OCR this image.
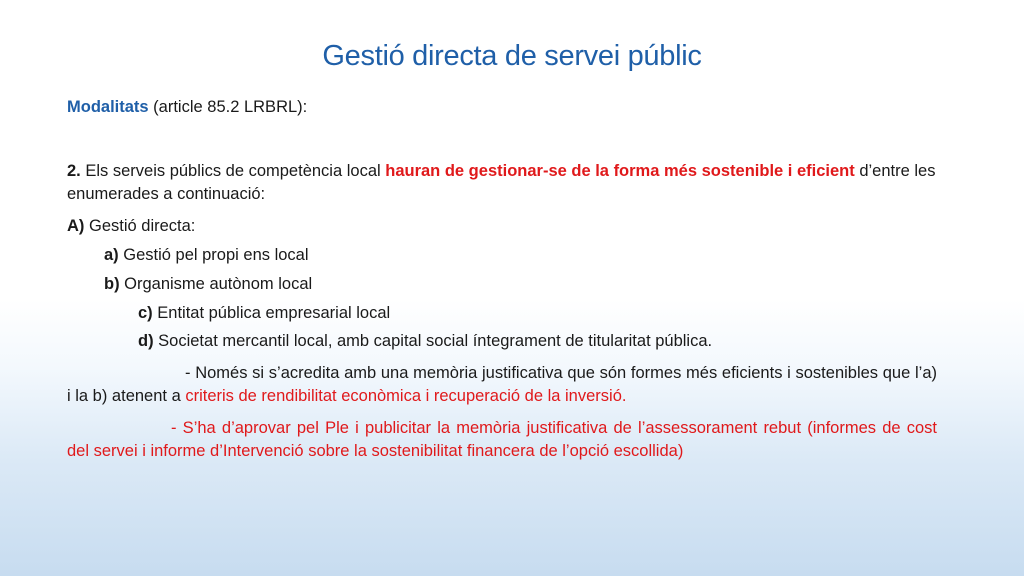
Gestió directa de servei públic

Modalitats (article 85.2 LRBRL):

2. Els serveis públics de competència local hauran de gestionar-se de la forma més sostenible i eficient d’entre les enumerades a continuació:

A) Gestió directa:

a) Gestió pel propi ens local

b) Organisme autònom local

c) Entitat pública empresarial local

d) Societat mercantil local, amb capital social íntegrament de titularitat pública.

- Només si s’acredita amb una memòria justificativa que són formes més eficients i sostenibles que l’a) i la b) atenent a criteris de rendibilitat econòmica i recuperació de la inversió.

- S’ha d’aprovar pel Ple i publicitar la memòria justificativa de l’assessorament rebut (informes de cost del servei i informe d’Intervenció sobre la sostenibilitat financera de l’opció escollida)
